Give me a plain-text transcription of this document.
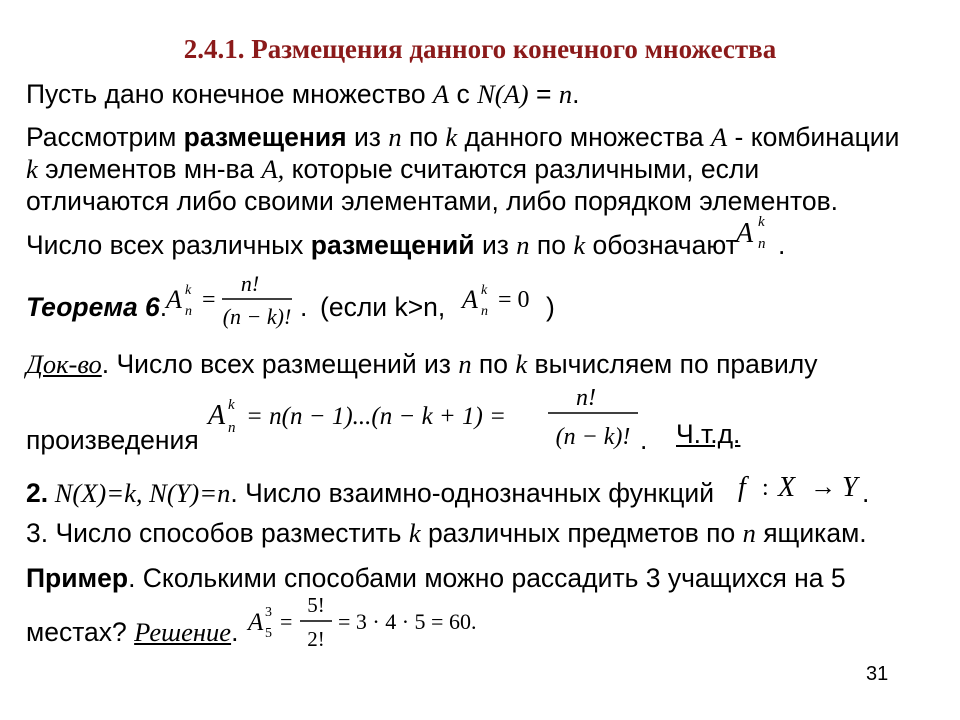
2.4.1. Размещения данного конечного множества
Пусть дано конечное множество A с N(A) = n.
Рассмотрим размещения из n по k данного множества A - комбинации
k элементов мн-ва A, которые считаются различными, если
отличаются либо своими элементами, либо порядком элементов.
Число всех различных размещений из n по k обозначают
A k
n .
Теорема 6.
A k
n =
n!
(n − k)! . (если k>n, A k
n = 0 )
Док-во. Число всех размещений из n по k вычисляем по правилу
произведения
A k
n = n(n − 1)...(n − k + 1) =
n!
(n − k)! . Ч.т.д.
2. N(X)=k, N(Y)=n. Число взаимно-однозначных функций f : X → Y .
3. Число способов разместить k различных предметов по n ящикам.
Пример. Сколькими способами можно рассадить 3 учащихся на 5
местах? Решение. A 3
5 =
5!
2!
= 3 · 4 · 5 = 60.
31
